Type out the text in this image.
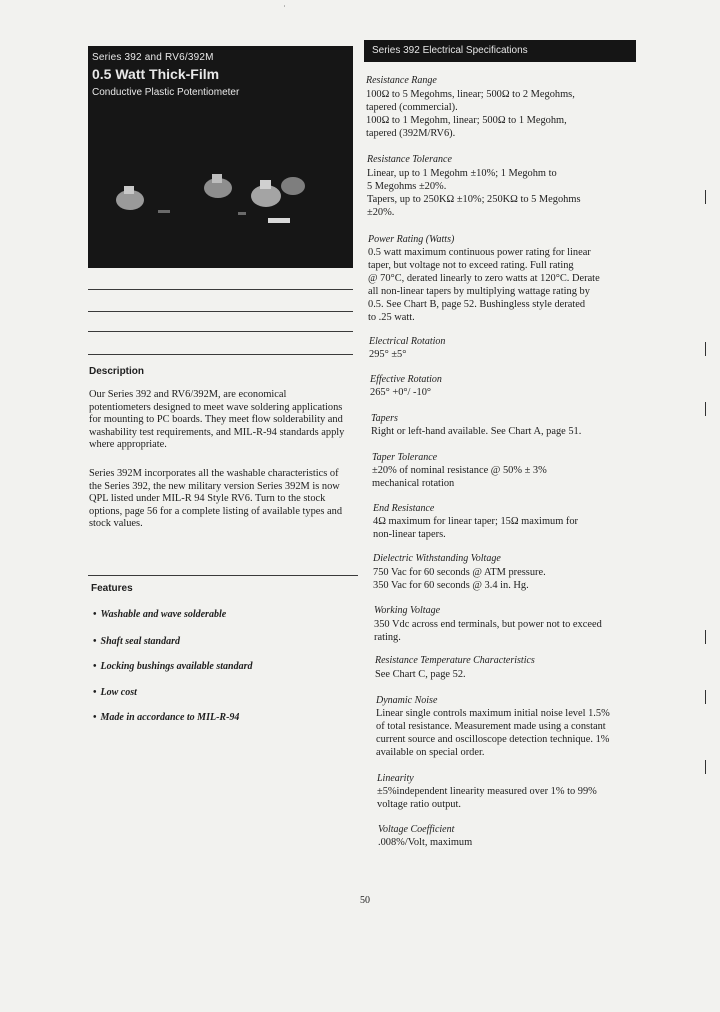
˙
Series 392 and RV6/392M
0.5 Watt Thick-Film
Conductive Plastic Potentiometer
Description
Our Series 392 and RV6/392M, are economical potentiometers designed to meet wave soldering applications for mounting to PC boards. They meet flow solderability and washability test requirements, and MIL-R-94 standards apply where appropriate.
Series 392M incorporates all the washable characteristics of the Series 392, the new military version Series 392M is now QPL listed under MIL-R 94 Style RV6. Turn to the stock options, page 56 for a complete listing of available types and stock values.
Features
• Washable and wave solderable
• Shaft seal standard
• Locking bushings available standard
• Low cost
• Made in accordance to MIL-R-94
Series 392 Electrical Specifications
Resistance Range
100Ω to 5 Megohms, linear; 500Ω to 2 Megohms,
tapered (commercial).
100Ω to 1 Megohm, linear; 500Ω to 1 Megohm,
tapered (392M/RV6).
Resistance Tolerance
Linear, up to 1 Megohm ±10%; 1 Megohm to
5 Megohms ±20%.
Tapers, up to 250KΩ ±10%; 250KΩ to 5 Megohms
±20%.
Power Rating (Watts)
0.5 watt maximum continuous power rating for linear
taper, but voltage not to exceed rating. Full rating
@ 70°C, derated linearly to zero watts at 120°C. Derate
all non-linear tapers by multiplying wattage rating by
0.5. See Chart B, page 52. Bushingless style derated
to .25 watt.
Electrical Rotation
295° ±5°
Effective Rotation
265° +0°/ -10°
Tapers
Right or left-hand available. See Chart A, page 51.
Taper Tolerance
±20% of nominal resistance @ 50% ± 3%
mechanical rotation
End Resistance
4Ω maximum for linear taper; 15Ω maximum for
non-linear tapers.
Dielectric Withstanding Voltage
750 Vac for 60 seconds @ ATM pressure.
350 Vac for 60 seconds @ 3.4 in. Hg.
Working Voltage
350 Vdc across end terminals, but power not to exceed
rating.
Resistance Temperature Characteristics
See Chart C, page 52.
Dynamic Noise
Linear single controls maximum initial noise level 1.5%
of total resistance. Measurement made using a constant
current source and oscilloscope detection technique. 1%
available on special order.
Linearity
±5%independent linearity measured over 1% to 99%
voltage ratio output.
Voltage Coefficient
.008%/Volt, maximum
50
